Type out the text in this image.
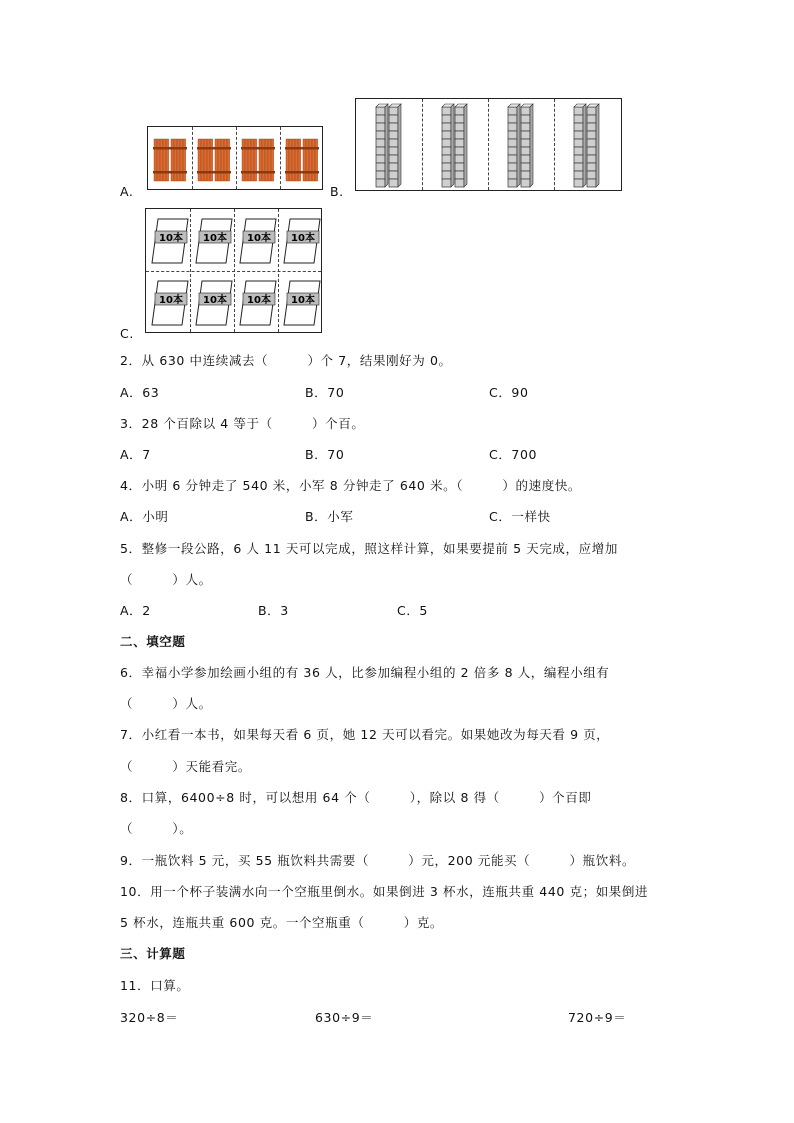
A.	B.
C.
10本 10本 10本 10本
10本 10本 10本 10本
2．从 630 中连续减去（　　　）个 7，结果刚好为 0。
A．63	B．70	C．90
3．28 个百除以 4 等于（　　　）个百。
A．7	B．70	C．700
4．小明 6 分钟走了 540 米，小军 8 分钟走了 640 米。（　　　）的速度快。
A．小明	B．小军	C．一样快
5．整修一段公路，6 人 11 天可以完成，照这样计算，如果要提前 5 天完成，应增加
（　　　）人。
A．2	B．3	C．5
二、填空题
6．幸福小学参加绘画小组的有 36 人，比参加编程小组的 2 倍多 8 人，编程小组有
（　　　）人。
7．小红看一本书，如果每天看 6 页，她 12 天可以看完。如果她改为每天看 9 页，
（　　　）天能看完。
8．口算，6400÷8 时，可以想用 64 个（　　　），除以 8 得（　　　）个百即
（　　　）。
9．一瓶饮料 5 元，买 55 瓶饮料共需要（　　　）元，200 元能买（　　　）瓶饮料。
10．用一个杯子装满水向一个空瓶里倒水。如果倒进 3 杯水，连瓶共重 440 克；如果倒进
5 杯水，连瓶共重 600 克。一个空瓶重（　　　）克。
三、计算题
11．口算。
320÷8＝	630÷9＝	720÷9＝
